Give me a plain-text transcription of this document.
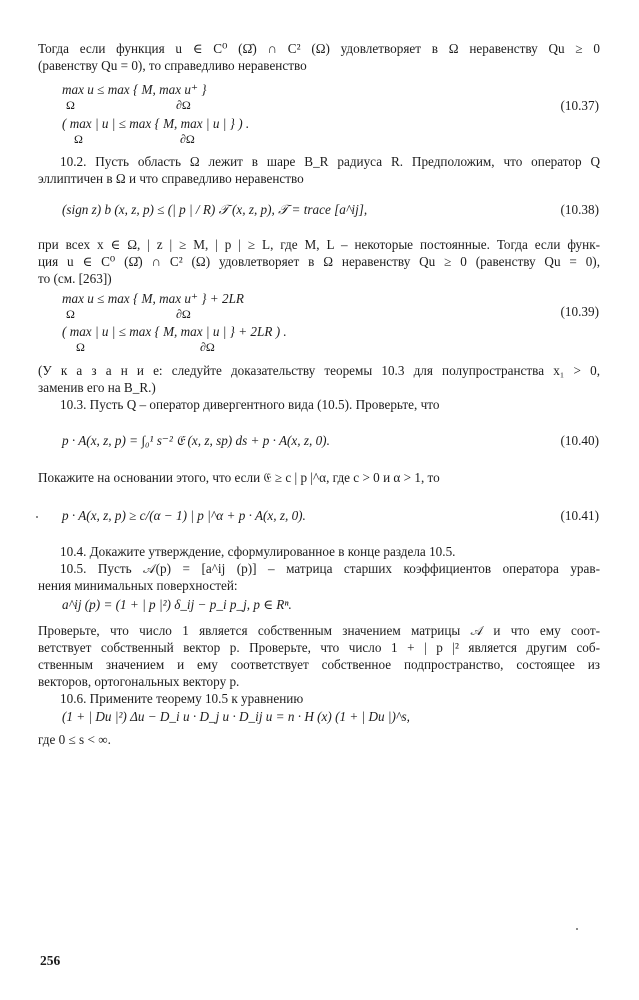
Тогда если функция u ∈ C⁰ (Ω̄) ∩ C² (Ω) удовлетворяет в Ω неравенству Qu ≥ 0
(равенству Qu = 0), то справедливо неравенство
max u ≤ max { M, max u⁺ }
Ω	∂Ω	(10.37)
( max | u | ≤ max { M, max | u | } ) .
Ω	∂Ω
10.2. Пусть область Ω лежит в шаре B_R радиуса R. Предположим, что оператор Q
эллиптичен в Ω и что справедливо неравенство
(sign z) b (x, z, p) ≤ (| p | / R) 𝒯 (x, z, p), 𝒯 = trace [a^ij],	(10.38)
при всех x ∈ Ω, | z | ≥ M, | p | ≥ L, где M, L – некоторые постоянные. Тогда если функ-
ция u ∈ C⁰ (Ω̄) ∩ C² (Ω) удовлетворяет в Ω неравенству Qu ≥ 0 (равенству Qu = 0),
то (см. [263])
max u ≤ max { M, max u⁺ } + 2LR
Ω	∂Ω	(10.39)
( max | u | ≤ max { M, max | u | } + 2LR ) .
Ω	∂Ω
(У к а з а н и е: следуйте доказательству теоремы 10.3 для полупространства x₁ > 0,
заменив его на B_R.)
10.3. Пусть Q – оператор дивергентного вида (10.5). Проверьте, что
p · A(x, z, p) = ∫₀¹ s⁻² 𝔈 (x, z, sp) ds + p · A(x, z, 0).	(10.40)
Покажите на основании этого, что если 𝔈 ≥ c | p |^α, где c > 0 и α > 1, то
p · A(x, z, p) ≥ c/(α − 1) | p |^α + p · A(x, z, 0).	(10.41)
10.4. Докажите утверждение, сформулированное в конце раздела 10.5.
10.5. Пусть 𝒜(p) = [a^ij (p)] – матрица старших коэффициентов оператора урав-
нения минимальных поверхностей:
a^ij (p) = (1 + | p |²) δ_ij − p_i p_j, p ∈ Rⁿ.
Проверьте, что число 1 является собственным значением матрицы 𝒜 и что ему соот-
ветствует собственный вектор p. Проверьте, что число 1 + | p |² является другим соб-
ственным значением и ему соответствует собственное подпространство, состоящее из
векторов, ортогональных вектору p.
10.6. Примените теорему 10.5 к уравнению
(1 + | Du |²) Δu − D_i u · D_j u · D_ij u = n · H (x) (1 + | Du |)^s,
где 0 ≤ s < ∞.
256
